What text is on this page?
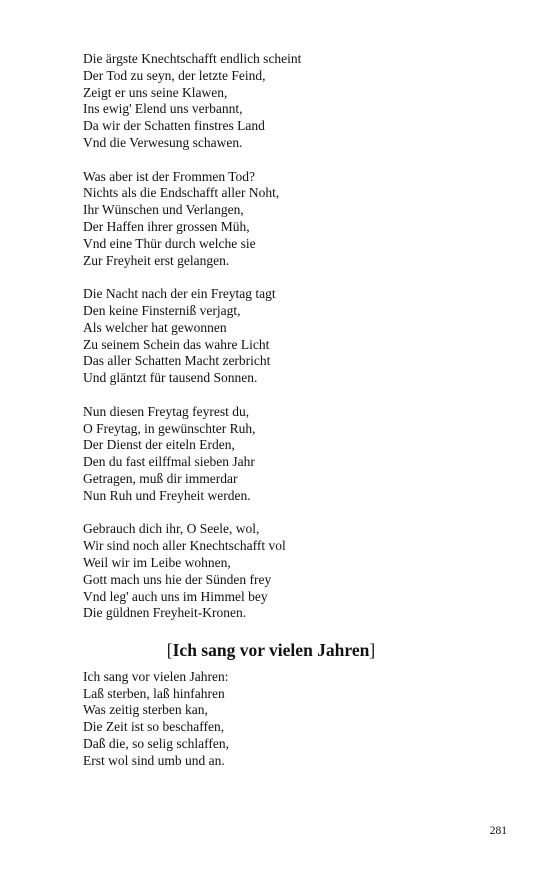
Die ärgste Knechtschafft endlich scheint
Der Tod zu seyn, der letzte Feind,
Zeigt er uns seine Klawen,
Ins ewig' Elend uns verbannt,
Da wir der Schatten finstres Land
Vnd die Verwesung schawen.
Was aber ist der Frommen Tod?
Nichts als die Endschafft aller Noht,
Ihr Wünschen und Verlangen,
Der Haffen ihrer grossen Müh,
Vnd eine Thür durch welche sie
Zur Freyheit erst gelangen.
Die Nacht nach der ein Freytag tagt
Den keine Finsterniß verjagt,
Als welcher hat gewonnen
Zu seinem Schein das wahre Licht
Das aller Schatten Macht zerbricht
Und gläntzt für tausend Sonnen.
Nun diesen Freytag feyrest du,
O Freytag, in gewünschter Ruh,
Der Dienst der eiteln Erden,
Den du fast eilffmal sieben Jahr
Getragen, muß dir immerdar
Nun Ruh und Freyheit werden.
Gebrauch dich ihr, O Seele, wol,
Wir sind noch aller Knechtschafft vol
Weil wir im Leibe wohnen,
Gott mach uns hie der Sünden frey
Vnd leg' auch uns im Himmel bey
Die güldnen Freyheit-Kronen.
[Ich sang vor vielen Jahren]
Ich sang vor vielen Jahren:
Laß sterben, laß hinfahren
Was zeitig sterben kan,
Die Zeit ist so beschaffen,
Daß die, so selig schlaffen,
Erst wol sind umb und an.
281
